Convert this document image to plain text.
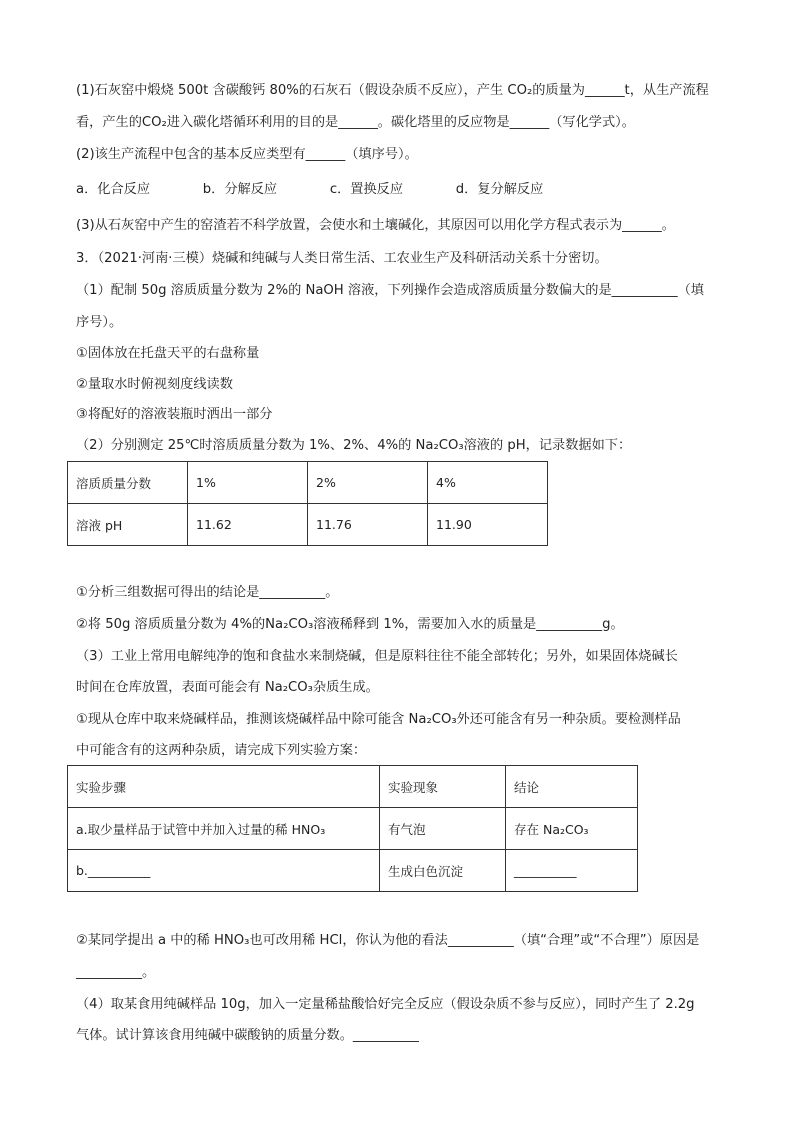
(1)石灰窑中煅烧 500t 含碳酸钙 80%的石灰石（假设杂质不反应），产生 CO₂的质量为______t，从生产流程
看，产生的CO₂进入碳化塔循环利用的目的是______。碳化塔里的反应物是______（写化学式）。
(2)该生产流程中包含的基本反应类型有______（填序号）。
a．化合反应　　　　b．分解反应　　　　c．置换反应　　　　d．复分解反应
(3)从石灰窑中产生的窑渣若不科学放置，会使水和土壤碱化，其原因可以用化学方程式表示为______。
3．（2021·河南·三模）烧碱和纯碱与人类日常生活、工农业生产及科研活动关系十分密切。
（1）配制 50g 溶质质量分数为 2%的 NaOH 溶液，下列操作会造成溶质质量分数偏大的是__________（填
序号）。
①固体放在托盘天平的右盘称量
②量取水时俯视刻度线读数
③将配好的溶液装瓶时洒出一部分
（2）分别测定 25℃时溶质质量分数为 1%、2%、4%的 Na₂CO₃溶液的 pH，记录数据如下：
溶质质量分数	1%	2%	4%
溶液 pH	11.62	11.76	11.90
①分析三组数据可得出的结论是__________。
②将 50g 溶质质量分数为 4%的Na₂CO₃溶液稀释到 1%，需要加入水的质量是__________g。
（3）工业上常用电解纯净的饱和食盐水来制烧碱，但是原料往往不能全部转化；另外，如果固体烧碱长
时间在仓库放置，表面可能会有 Na₂CO₃杂质生成。
①现从仓库中取来烧碱样品，推测该烧碱样品中除可能含 Na₂CO₃外还可能含有另一种杂质。要检测样品
中可能含有的这两种杂质，请完成下列实验方案：
实验步骤	实验现象	结论
a.取少量样品于试管中并加入过量的稀 HNO₃	有气泡	存在 Na₂CO₃
b.__________	生成白色沉淀	__________
②某同学提出 a 中的稀 HNO₃也可改用稀 HCl，你认为他的看法__________（填“合理”或“不合理”）原因是
__________。
（4）取某食用纯碱样品 10g，加入一定量稀盐酸恰好完全反应（假设杂质不参与反应），同时产生了 2.2g
气体。试计算该食用纯碱中碳酸钠的质量分数。__________
